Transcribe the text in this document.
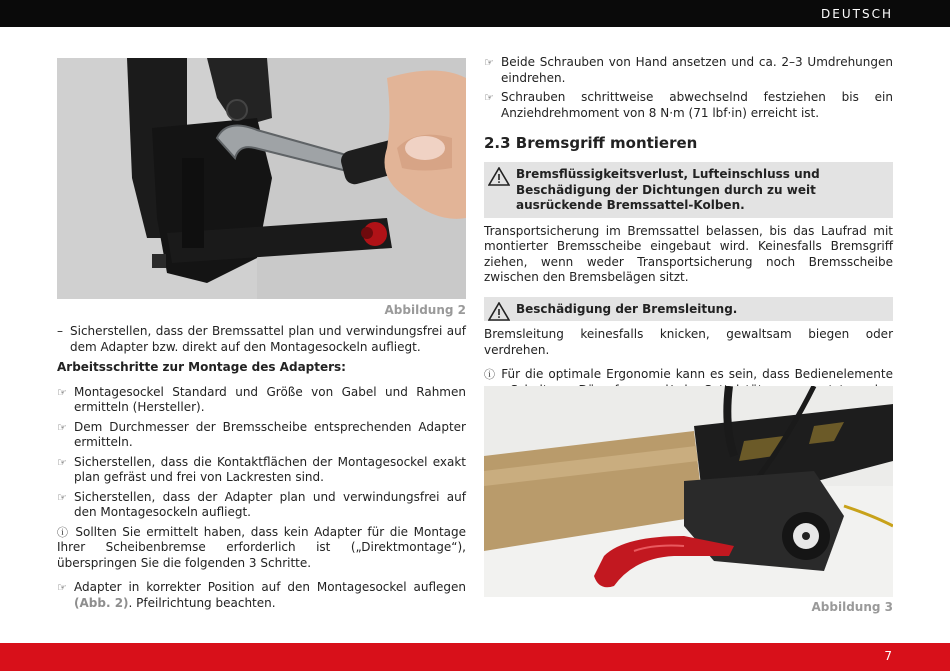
DEUTSCH
Abbildung 2
– Sicherstellen, dass der Bremssattel plan und verwindungsfrei auf dem Adapter bzw. direkt auf den Montagesockeln aufliegt.

Arbeitsschritte zur Montage des Adapters:

☞ Montagesockel Standard und Größe von Gabel und Rahmen ermitteln (Hersteller).
☞ Dem Durchmesser der Bremsscheibe entsprechenden Adapter ermitteln.
☞ Sicherstellen, dass die Kontaktflächen der Montagesockel exakt plan gefräst und frei von Lackresten sind.
☞ Sicherstellen, dass der Adapter plan und verwindungsfrei auf den Montagesockeln aufliegt.

ⓘ Sollten Sie ermittelt haben, dass kein Adapter für die Montage Ihrer Scheibenbremse erforderlich ist („Direktmontage“), überspringen Sie die folgenden 3 Schritte.

☞ Adapter in korrekter Position auf den Montagesockel auflegen (Abb. 2). Pfeilrichtung beachten.
☞ Beide Schrauben von Hand ansetzen und ca. 2–3 Umdrehungen eindrehen.
☞ Schrauben schrittweise abwechselnd festziehen bis ein Anziehdrehmoment von 8 N·m (71 lbf·in) erreicht ist.
2.3 Bremsgriff montieren
Bremsflüssigkeitsverlust, Lufteinschluss und Beschädigung der Dichtungen durch zu weit ausrückende Bremssattel-Kolben.

Transportsicherung im Bremssattel belassen, bis das Laufrad mit montierter Bremsscheibe eingebaut wird. Keinesfalls Bremsgriff ziehen, wenn weder Transportsicherung noch Bremsscheibe zwischen den Bremsbelägen sitzt.

Beschädigung der Bremsleitung.

Bremsleitung keinesfalls knicken, gewaltsam biegen oder verdrehen.

ⓘ Für die optimale Ergonomie kann es sein, dass Bedienelemente

Abbildung 3
7
